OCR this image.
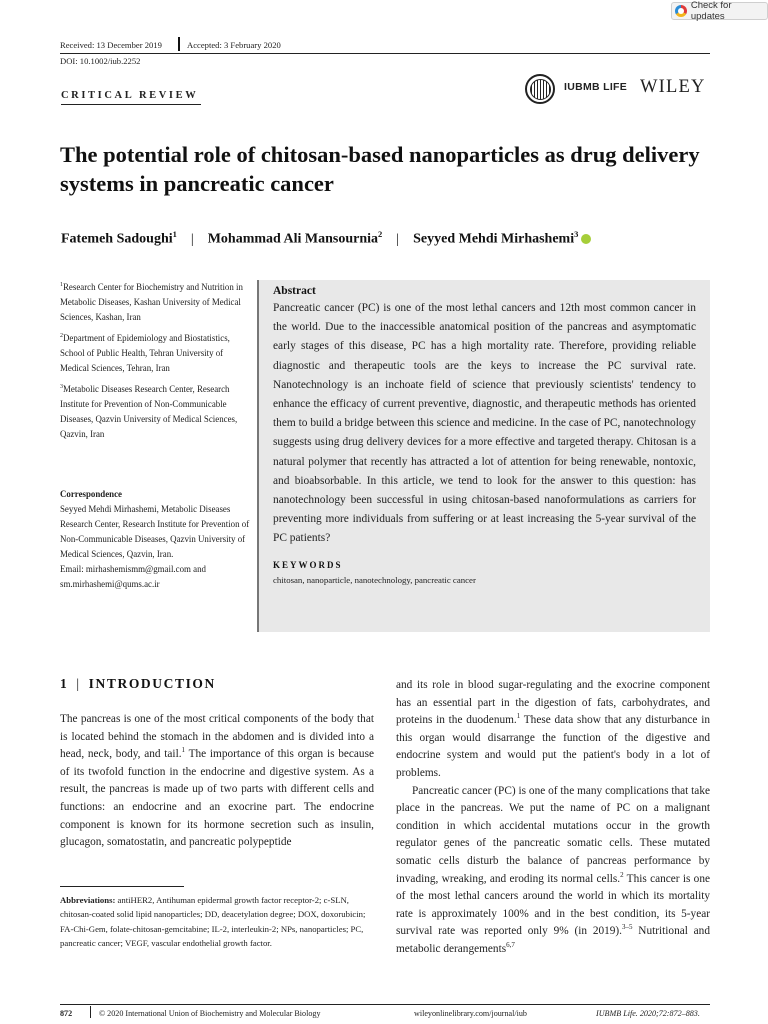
Check for updates
Received: 13 December 2019	Accepted: 3 February 2020
DOI: 10.1002/iub.2252
CRITICAL REVIEW
IUBMB LIFE WILEY
The potential role of chitosan-based nanoparticles as drug delivery systems in pancreatic cancer
Fatemeh Sadoughi$^1$ | Mohammad Ali Mansournia$^2$ | Seyyed Mehdi Mirhashemi$^3$
$^1$Research Center for Biochemistry and Nutrition in Metabolic Diseases, Kashan University of Medical Sciences, Kashan, Iran
$^2$Department of Epidemiology and Biostatistics, School of Public Health, Tehran University of Medical Sciences, Tehran, Iran
$^3$Metabolic Diseases Research Center, Research Institute for Prevention of Non-Communicable Diseases, Qazvin University of Medical Sciences, Qazvin, Iran
Correspondence
Seyyed Mehdi Mirhashemi, Metabolic Diseases Research Center, Research Institute for Prevention of Non-Communicable Diseases, Qazvin University of Medical Sciences, Qazvin, Iran.
Email: mirhashemismm@gmail.com and sm.mirhashemi@qums.ac.ir
Abstract
Pancreatic cancer (PC) is one of the most lethal cancers and 12th most common cancer in the world. Due to the inaccessible anatomical position of the pancreas and asymptomatic early stages of this disease, PC has a high mortality rate. Therefore, providing reliable diagnostic and therapeutic tools are the keys to increase the PC survival rate. Nanotechnology is an inchoate field of science that previously scientists' tendency to enhance the efficacy of current preventive, diagnostic, and therapeutic methods has oriented them to build a bridge between this science and medicine. In the case of PC, nanotechnology suggests using drug delivery devices for a more effective and targeted therapy. Chitosan is a natural polymer that recently has attracted a lot of attention for being renewable, nontoxic, and bioabsorbable. In this article, we tend to look for the answer to this question: has nanotechnology been successful in using chitosan-based nanoformulations as carriers for preventing more individuals from suffering or at least increasing the 5-year survival of the PC patients?
KEYWORDS
chitosan, nanoparticle, nanotechnology, pancreatic cancer
1 | INTRODUCTION

The pancreas is one of the most critical components of the body that is located behind the stomach in the abdomen and is divided into a head, neck, body, and tail.$^1$ The importance of this organ is because of its twofold function in the endocrine and digestive system. As a result, the pancreas is made up of two parts with different cells and functions: an endocrine and an exocrine part. The endocrine component is known for its hormone secretion such as insulin, glucagon, somatostatin, and pancreatic polypeptide

and its role in blood sugar-regulating and the exocrine component has an essential part in the digestion of fats, carbohydrates, and proteins in the duodenum.$^1$ These data show that any disturbance in this organ would disarrange the function of the digestive and endocrine system and would put the patient's body in a lot of problems.

Pancreatic cancer (PC) is one of the many complications that take place in the pancreas. We put the name of PC on a malignant condition in which accidental mutations occur in the growth regulator genes of the pancreatic somatic cells. These mutated somatic cells disturb the balance of pancreas performance by invading, wreaking, and eroding its normal cells.$^2$ This cancer is one of the most lethal cancers around the world in which its mortality rate is approximately 100% and in the best condition, its 5-year survival rate was reported only 9% (in 2019).$^{3-5}$ Nutritional and metabolic derangements$^{6,7}$

Abbreviations: antiHER2, Antihuman epidermal growth factor receptor-2; c-SLN, chitosan-coated solid lipid nanoparticles; DD, deacetylation degree; DOX, doxorubicin; FA-Chi-Gem, folate-chitosan-gemcitabine; IL-2, interleukin-2; NPs, nanoparticles; PC, pancreatic cancer; VEGF, vascular endothelial growth factor.
872	© 2020 International Union of Biochemistry and Molecular Biology	wileyonlinelibrary.com/journal/iub	IUBMB Life. 2020;72:872–883.
